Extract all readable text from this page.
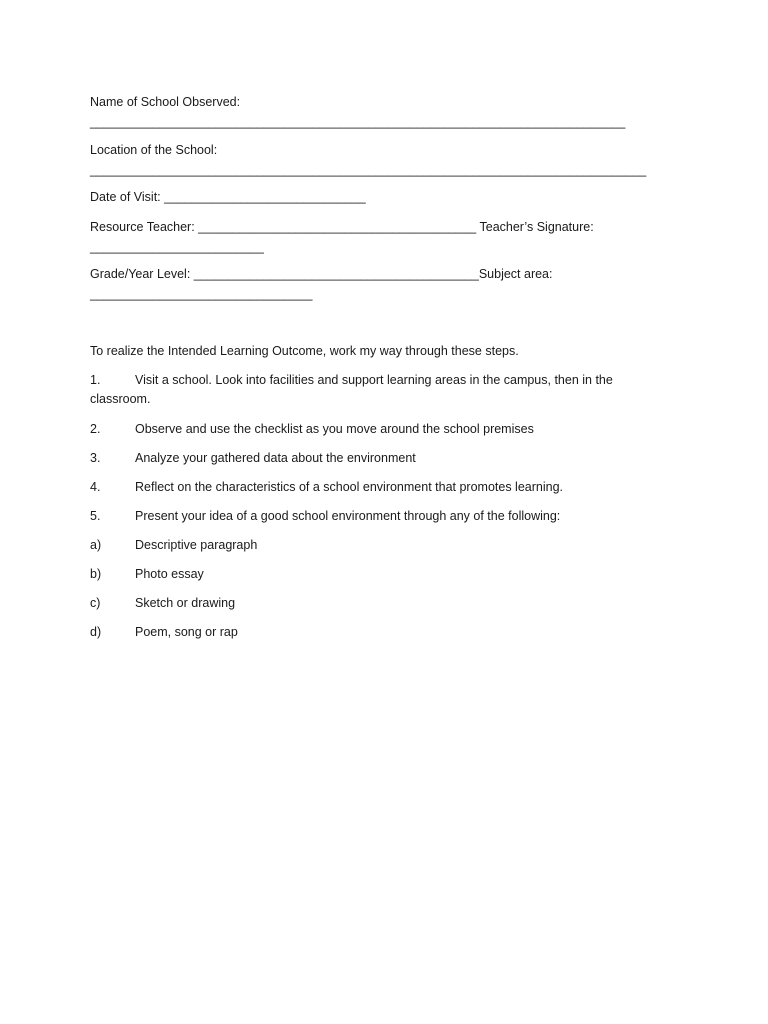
Name of School Observed:
_____________________________________________________________________________
Location of the School:
________________________________________________________________________________
Date of Visit: _____________________________
Resource Teacher: ________________________________________ Teacher’s Signature:
_________________________
Grade/Year Level: _________________________________________Subject area:
________________________________
To realize the Intended Learning Outcome, work my way through these steps.
1.	Visit a school. Look into facilities and support learning areas in the campus, then in the
classroom.
2.	Observe and use the checklist as you move around the school premises
3.	Analyze your gathered data about the environment
4.	Reflect on the characteristics of a school environment that promotes learning.
5.	Present your idea of a good school environment through any of the following:
a)	Descriptive paragraph
b)	Photo essay
c)	Sketch or drawing
d)	Poem, song or rap
